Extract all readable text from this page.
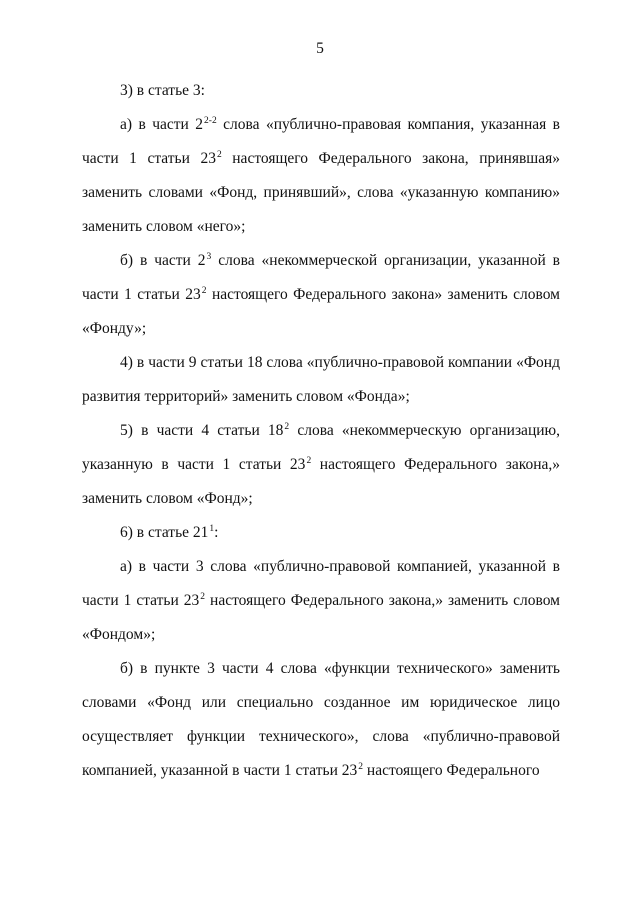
5

3) в статье 3:

а) в части 2$^{2-2}$ слова «публично-правовая компания, указанная в части 1 статьи $23^2$ настоящего Федерального закона, принявшая» заменить словами «Фонд, принявший», слова «указанную компанию» заменить словом «него»;

б) в части $2^3$ слова «некоммерческой организации, указанной в части 1 статьи $23^2$ настоящего Федерального закона» заменить словом «Фонду»;

4) в части 9 статьи 18 слова «публично-правовой компании «Фонд развития территорий» заменить словом «Фонда»;

5) в части 4 статьи $18^2$ слова «некоммерческую организацию, указанную в части 1 статьи $23^2$ настоящего Федерального закона,» заменить словом «Фонд»;

6) в статье $21^1$:

а) в части 3 слова «публично-правовой компанией, указанной в части 1 статьи $23^2$ настоящего Федерального закона,» заменить словом «Фондом»;

б) в пункте 3 части 4 слова «функции технического» заменить словами «Фонд или специально созданное им юридическое лицо осуществляет функции технического», слова «публично-правовой компанией, указанной в части 1 статьи $23^2$ настоящего Федерального
